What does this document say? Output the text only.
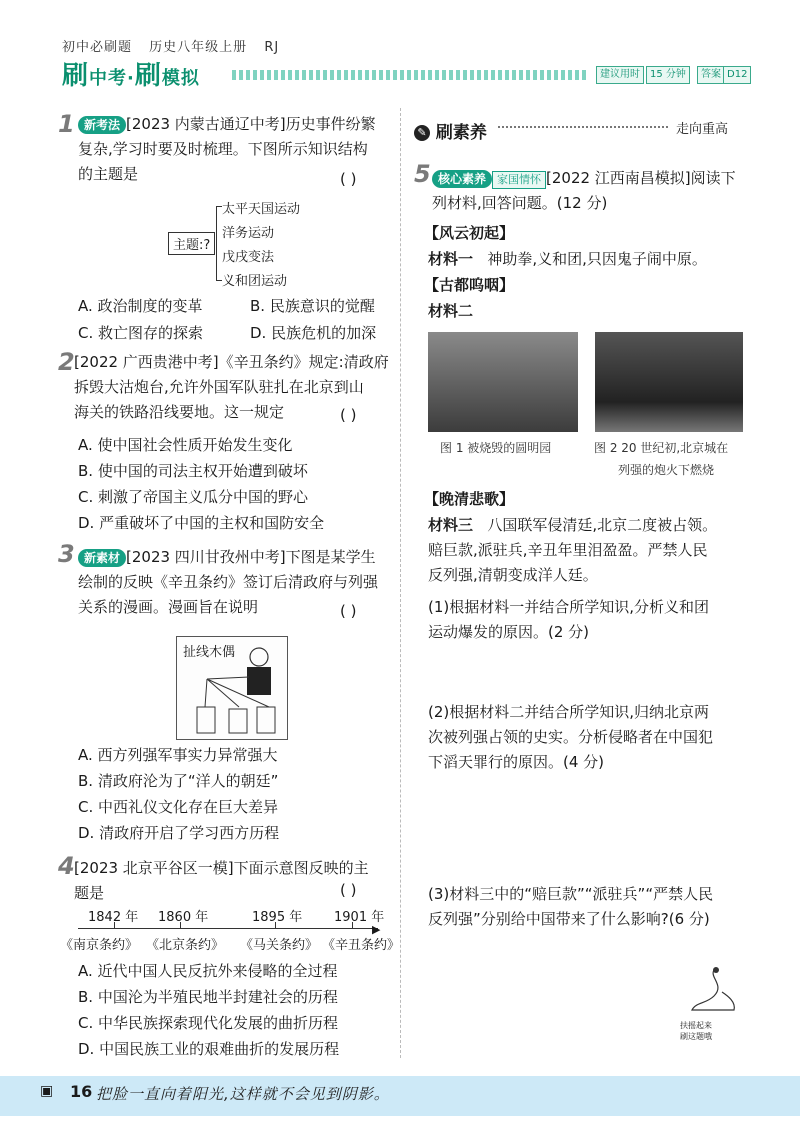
初中必刷题 历史八年级上册 RJ
刷中考·刷模拟	建议用时	15 分钟	答案 D12
1 新考法 [2023 内蒙古通辽中考]历史事件纷繁
复杂,学习时要及时梳理。下图所示知识结构
的主题是	( )
主题:?
太平天国运动
洋务运动
戊戌变法
义和团运动
A. 政治制度的变革	B. 民族意识的觉醒
C. 救亡图存的探索	D. 民族危机的加深
2 [2022 广西贵港中考]《辛丑条约》规定:清政府
拆毁大沽炮台,允许外国军队驻扎在北京到山
海关的铁路沿线要地。这一规定	( )
A. 使中国社会性质开始发生变化
B. 使中国的司法主权开始遭到破坏
C. 刺激了帝国主义瓜分中国的野心
D. 严重破坏了中国的主权和国防安全
3 新素材 [2023 四川甘孜州中考]下图是某学生
绘制的反映《辛丑条约》签订后清政府与列强
关系的漫画。漫画旨在说明	( )
扯线木偶
A. 西方列强军事实力异常强大
B. 清政府沦为了“洋人的朝廷”
C. 中西礼仪文化存在巨大差异
D. 清政府开启了学习西方历程
4 [2023 北京平谷区一模]下面示意图反映的主
题是	( )
▶
1842 年 1860 年	1895 年 1901 年
《南京条约》 《北京条约》 《马关条约》 《辛丑条约》
A. 近代中国人民反抗外来侵略的全过程
B. 中国沦为半殖民地半封建社会的历程
C. 中华民族探索现代化发展的曲折历程
D. 中国民族工业的艰难曲折的发展历程
✎ 刷素养	走向重高
5 核心素养 家国情怀 [2022 江西南昌模拟]阅读下
列材料,回答问题。(12 分)
【风云初起】
材料一 神助拳,义和团,只因鬼子闹中原。
【古都呜咽】
材料二
图 1 被烧毁的圆明园	图 2 20 世纪初,北京城在
列强的炮火下燃烧
【晚清悲歌】
材料三 八国联军侵清廷,北京二度被占领。
赔巨款,派驻兵,辛丑年里泪盈盈。严禁人民
反列强,清朝变成洋人廷。
(1)根据材料一并结合所学知识,分析义和团
运动爆发的原因。(2 分)
(2)根据材料二并结合所学知识,归纳北京两
次被列强占领的史实。分析侵略者在中国犯
下滔天罪行的原因。(4 分)
(3)材料三中的“赔巨款”“派驻兵”“严禁人民
反列强”分别给中国带来了什么影响?(6 分)
扶摇起来
刷这题哦
▣ 16 把脸一直向着阳光,这样就不会见到阴影。
